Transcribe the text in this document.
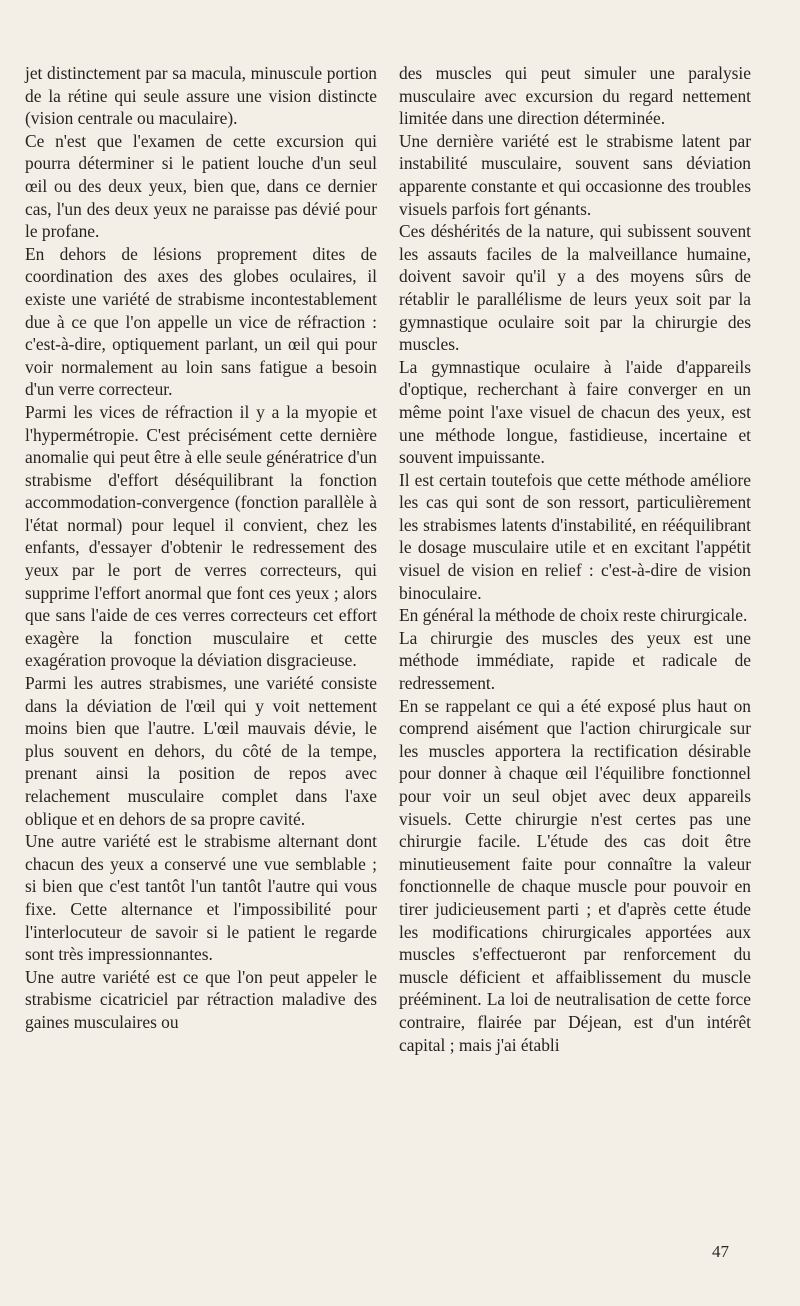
jet distinctement par sa macula, minuscule portion de la rétine qui seule assure une vision distincte (vision centrale ou maculaire).

Ce n'est que l'examen de cette excursion qui pourra déterminer si le patient louche d'un seul œil ou des deux yeux, bien que, dans ce dernier cas, l'un des deux yeux ne paraisse pas dévié pour le profane.

En dehors de lésions proprement dites de coordination des axes des globes oculaires, il existe une variété de strabisme incontestablement due à ce que l'on appelle un vice de réfraction : c'est-à-dire, optiquement parlant, un œil qui pour voir normalement au loin sans fatigue a besoin d'un verre correcteur.

Parmi les vices de réfraction il y a la myopie et l'hypermétropie. C'est précisément cette dernière anomalie qui peut être à elle seule génératrice d'un strabisme d'effort déséquilibrant la fonction accommodation-convergence (fonction parallèle à l'état normal) pour lequel il convient, chez les enfants, d'essayer d'obtenir le redressement des yeux par le port de verres correcteurs, qui supprime l'effort anormal que font ces yeux ; alors que sans l'aide de ces verres correcteurs cet effort exagère la fonction musculaire et cette exagération provoque la déviation disgracieuse.

Parmi les autres strabismes, une variété consiste dans la déviation de l'œil qui y voit nettement moins bien que l'autre. L'œil mauvais dévie, le plus souvent en dehors, du côté de la tempe, prenant ainsi la position de repos avec relachement musculaire complet dans l'axe oblique et en dehors de sa propre cavité.

Une autre variété est le strabisme alternant dont chacun des yeux a conservé une vue semblable ; si bien que c'est tantôt l'un tantôt l'autre qui vous fixe. Cette alternance et l'impossibilité pour l'interlocuteur de savoir si le patient le regarde sont très impressionnantes.

Une autre variété est ce que l'on peut appeler le strabisme cicatriciel par rétraction maladive des gaines musculaires ou

des muscles qui peut simuler une paralysie musculaire avec excursion du regard nettement limitée dans une direction déterminée.

Une dernière variété est le strabisme latent par instabilité musculaire, souvent sans déviation apparente constante et qui occasionne des troubles visuels parfois fort génants.

Ces déshérités de la nature, qui subissent souvent les assauts faciles de la malveillance humaine, doivent savoir qu'il y a des moyens sûrs de rétablir le parallélisme de leurs yeux soit par la gymnastique oculaire soit par la chirurgie des muscles.

La gymnastique oculaire à l'aide d'appareils d'optique, recherchant à faire converger en un même point l'axe visuel de chacun des yeux, est une méthode longue, fastidieuse, incertaine et souvent impuissante.

Il est certain toutefois que cette méthode améliore les cas qui sont de son ressort, particulièrement les strabismes latents d'instabilité, en rééquilibrant le dosage musculaire utile et en excitant l'appétit visuel de vision en relief : c'est-à-dire de vision binoculaire.

En général la méthode de choix reste chirurgicale.

La chirurgie des muscles des yeux est une méthode immédiate, rapide et radicale de redressement.

En se rappelant ce qui a été exposé plus haut on comprend aisément que l'action chirurgicale sur les muscles apportera la rectification désirable pour donner à chaque œil l'équilibre fonctionnel pour voir un seul objet avec deux appareils visuels. Cette chirurgie n'est certes pas une chirurgie facile. L'étude des cas doit être minutieusement faite pour connaître la valeur fonctionnelle de chaque muscle pour pouvoir en tirer judicieusement parti ; et d'après cette étude les modifications chirurgicales apportées aux muscles s'effectueront par renforcement du muscle déficient et affaiblissement du muscle prééminent. La loi de neutralisation de cette force contraire, flairée par Déjean, est d'un intérêt capital ; mais j'ai établi

47
